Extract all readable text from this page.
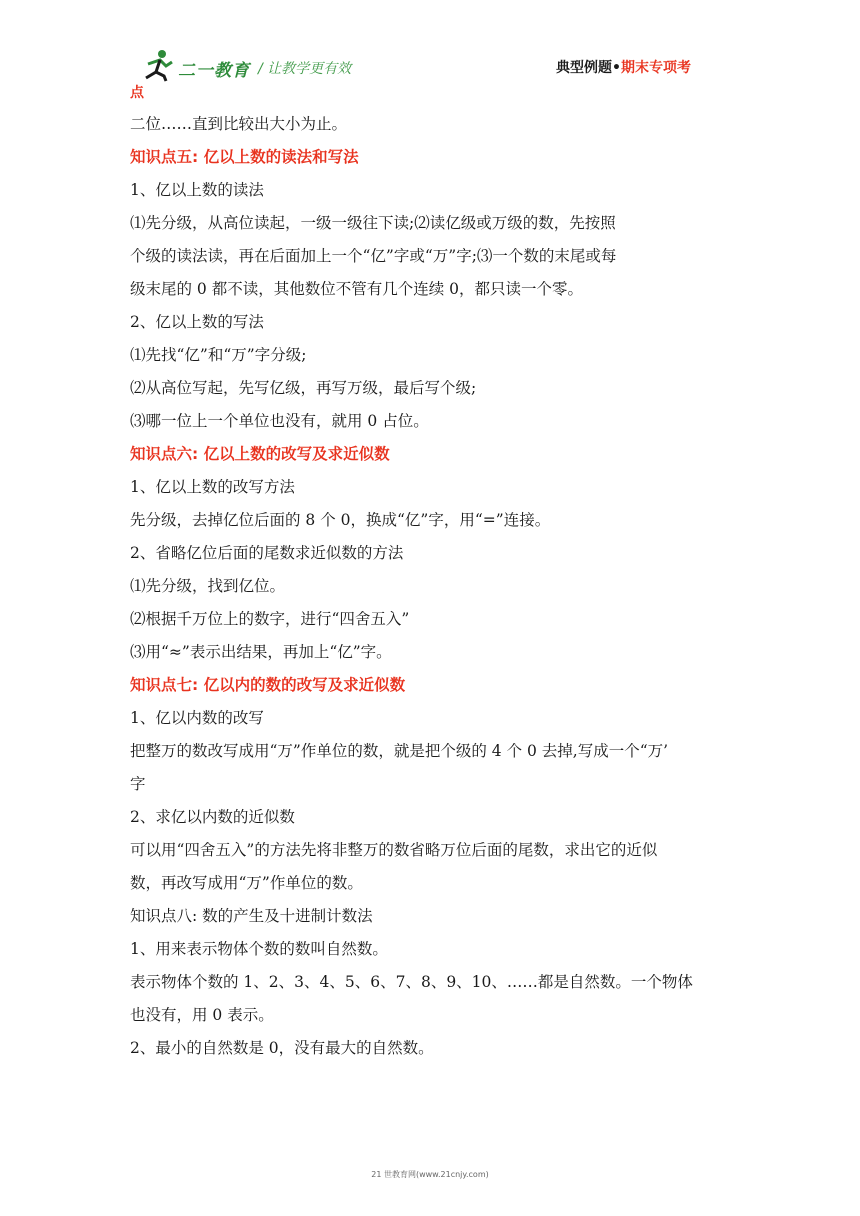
二一教育 / 让教学更有效	典型例题•期末专项考
点
二位……直到比较出大小为止。
知识点五: 亿以上数的读法和写法
1、亿以上数的读法
⑴先分级，从高位读起，一级一级往下读;⑵读亿级或万级的数，先按照
个级的读法读，再在后面加上一个“亿”字或“万”字;⑶一个数的末尾或每
级末尾的 0 都不读，其他数位不管有几个连续 0，都只读一个零。
2、亿以上数的写法
⑴先找“亿”和“万”字分级;
⑵从高位写起，先写亿级，再写万级，最后写个级;
⑶哪一位上一个单位也没有，就用 0 占位。
知识点六: 亿以上数的改写及求近似数
1、亿以上数的改写方法
先分级，去掉亿位后面的 8 个 0，换成“亿”字，用“=”连接。
2、省略亿位后面的尾数求近似数的方法
⑴先分级，找到亿位。
⑵根据千万位上的数字，进行“四舍五入”
⑶用“≈”表示出结果，再加上“亿”字。
知识点七: 亿以内的数的改写及求近似数
1、亿以内数的改写
把整万的数改写成用“万”作单位的数，就是把个级的 4 个 0 去掉,写成一个“万’
字
2、求亿以内数的近似数
可以用“四舍五入”的方法先将非整万的数省略万位后面的尾数，求出它的近似
数，再改写成用“万”作单位的数。
知识点八: 数的产生及十进制计数法
1、用来表示物体个数的数叫自然数。
表示物体个数的 1、2、3、4、5、6、7、8、9、10、……都是自然数。一个物体
也没有，用 0 表示。
2、最小的自然数是 0，没有最大的自然数。
21 世教育网(www.21cnjy.com)
